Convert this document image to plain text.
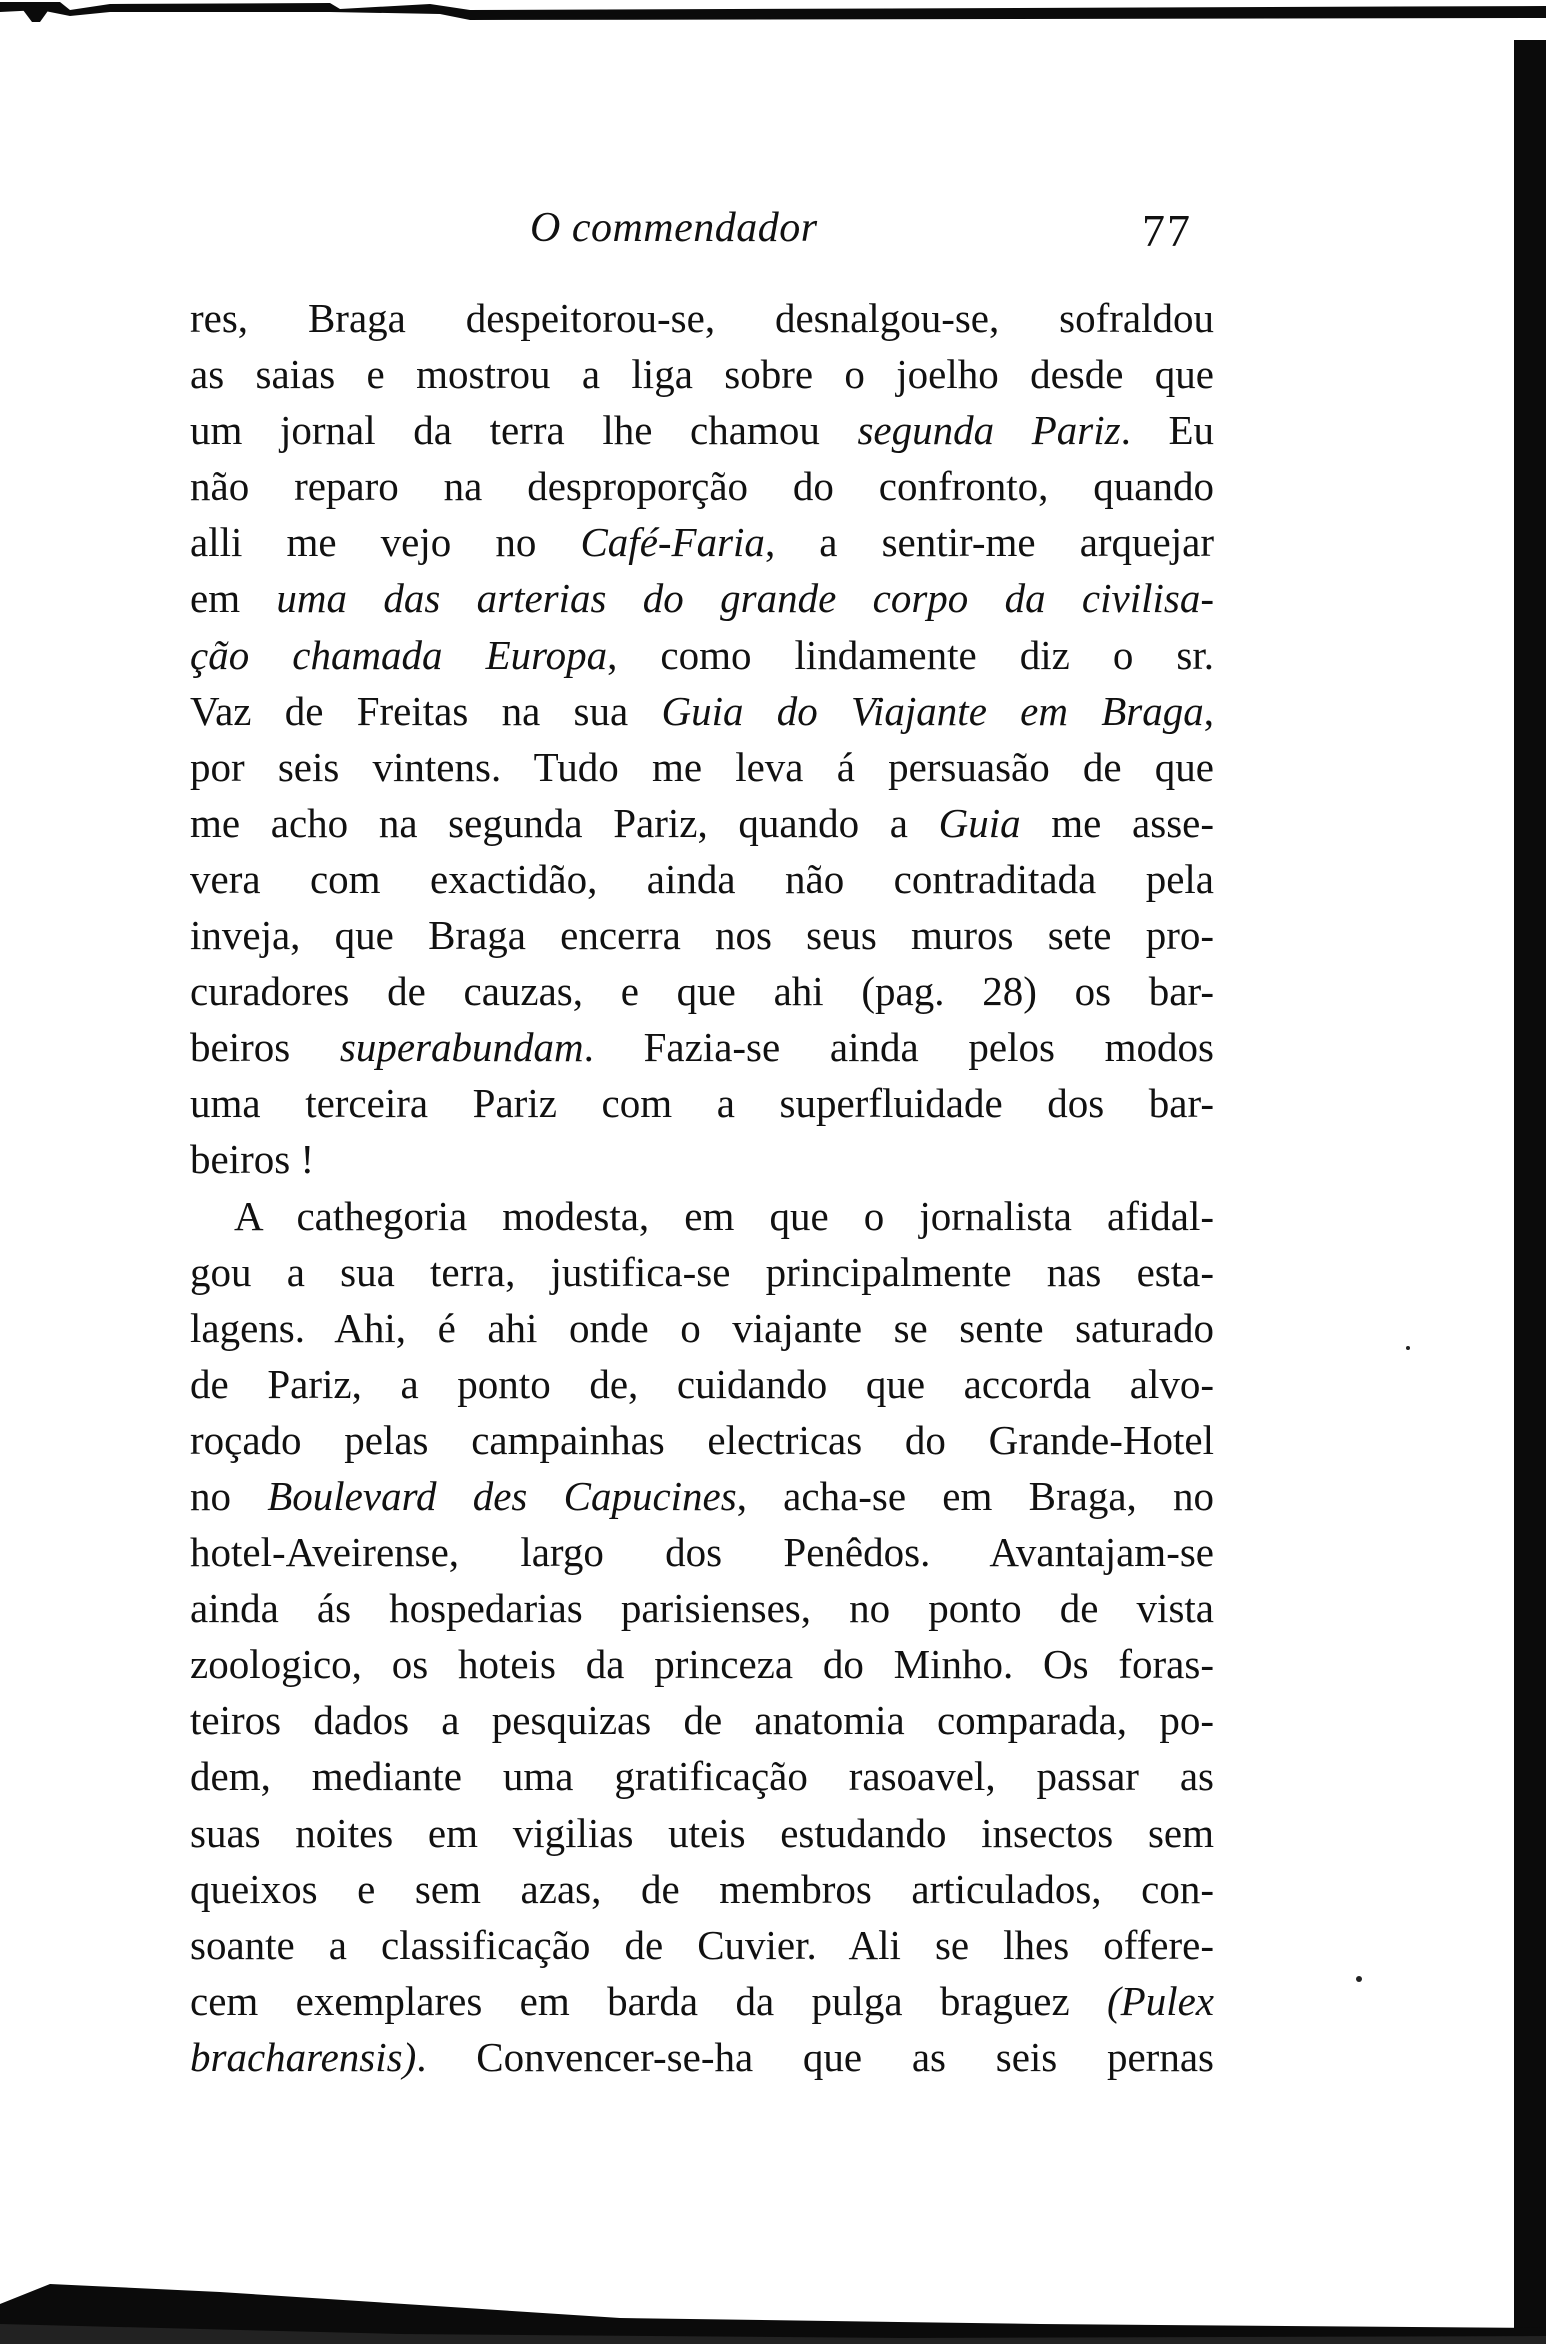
O commendador	77
res, Braga despeitorou-se, desnalgou-se, sofraldou
as saias e mostrou a liga sobre o joelho desde que
um jornal da terra lhe chamou segunda Pariz. Eu
não reparo na desproporção do confronto, quando
alli me vejo no Café-Faria, a sentir-me arquejar
em uma das arterias do grande corpo da civilisa-
ção chamada Europa, como lindamente diz o sr.
Vaz de Freitas na sua Guia do Viajante em Braga,
por seis vintens. Tudo me leva á persuasão de que
me acho na segunda Pariz, quando a Guia me asse-
vera com exactidão, ainda não contraditada pela
inveja, que Braga encerra nos seus muros sete pro-
curadores de cauzas, e que ahi (pag. 28) os bar-
beiros superabundam. Fazia-se ainda pelos modos
uma terceira Pariz com a superfluidade dos bar-
beiros !
A cathegoria modesta, em que o jornalista afidal-
gou a sua terra, justifica-se principalmente nas esta-
lagens. Ahi, é ahi onde o viajante se sente saturado
de Pariz, a ponto de, cuidando que accorda alvo-
roçado pelas campainhas electricas do Grande-Hotel
no Boulevard des Capucines, acha-se em Braga, no
hotel-Aveirense, largo dos Penêdos. Avantajam-se
ainda ás hospedarias parisienses, no ponto de vista
zoologico, os hoteis da princeza do Minho. Os foras-
teiros dados a pesquizas de anatomia comparada, po-
dem, mediante uma gratificação rasoavel, passar as
suas noites em vigilias uteis estudando insectos sem
queixos e sem azas, de membros articulados, con-
soante a classificação de Cuvier. Ali se lhes offere-
cem exemplares em barda da pulga braguez (Pulex
bracharensis). Convencer-se-ha que as seis pernas
